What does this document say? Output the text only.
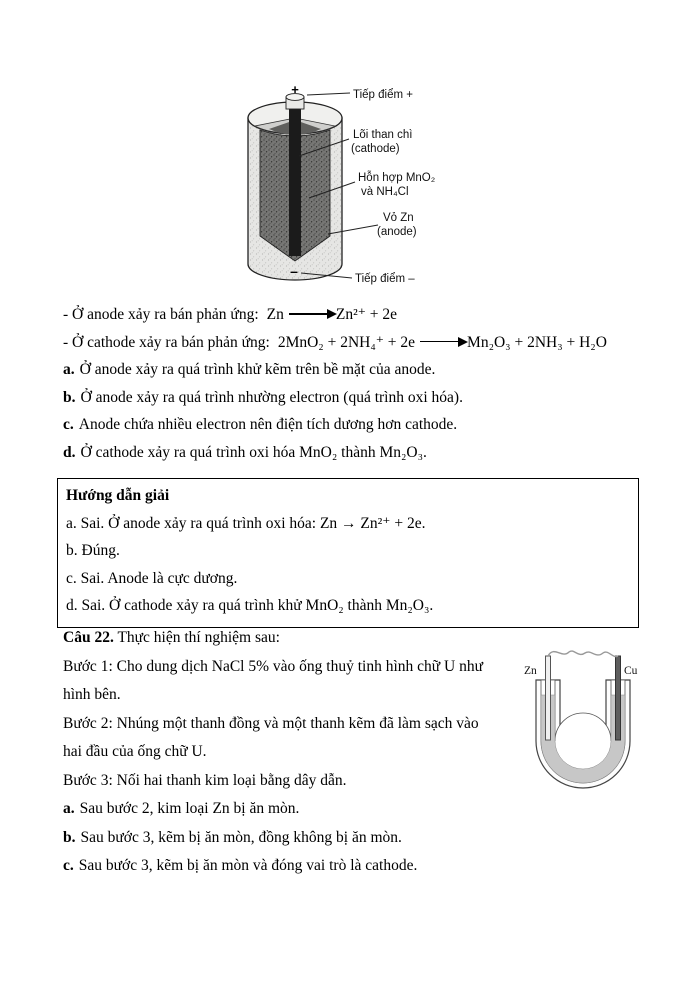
+
–
Tiếp điểm +
Lõi than chì
(cathode)
Hỗn hợp MnO₂
và NH₄Cl
Vỏ Zn
(anode)
Tiếp điểm –
- Ở anode xảy ra bán phản ứng: Zn	Zn²⁺ + 2e
- Ở cathode xảy ra bán phản ứng: 2MnO₂ + 2NH₄⁺ + 2e	Mn₂O₃ + 2NH₃ + H₂O
a. Ở anode xảy ra quá trình khử kẽm trên bề mặt của anode.
b. Ở anode xảy ra quá trình nhường electron (quá trình oxi hóa).
c. Anode chứa nhiều electron nên điện tích dương hơn cathode.
d. Ở cathode xảy ra quá trình oxi hóa MnO₂ thành Mn₂O₃.
Hướng dẫn giải
a. Sai. Ở anode xảy ra quá trình oxi hóa: Zn → Zn²⁺ + 2e.
b. Đúng.
c. Sai. Anode là cực dương.
d. Sai. Ở cathode xảy ra quá trình khử MnO₂ thành Mn₂O₃.
Câu 22. Thực hiện thí nghiệm sau:
Bước 1: Cho dung dịch NaCl 5% vào ống thuỷ tinh hình chữ U như
hình bên.
Bước 2: Nhúng một thanh đồng và một thanh kẽm đã làm sạch vào
hai đầu của ống chữ U.
Bước 3: Nối hai thanh kim loại bằng dây dẫn.
a. Sau bước 2, kim loại Zn bị ăn mòn.
b. Sau bước 3, kẽm bị ăn mòn, đồng không bị ăn mòn.
c. Sau bước 3, kẽm bị ăn mòn và đóng vai trò là cathode.
Zn	Cu
